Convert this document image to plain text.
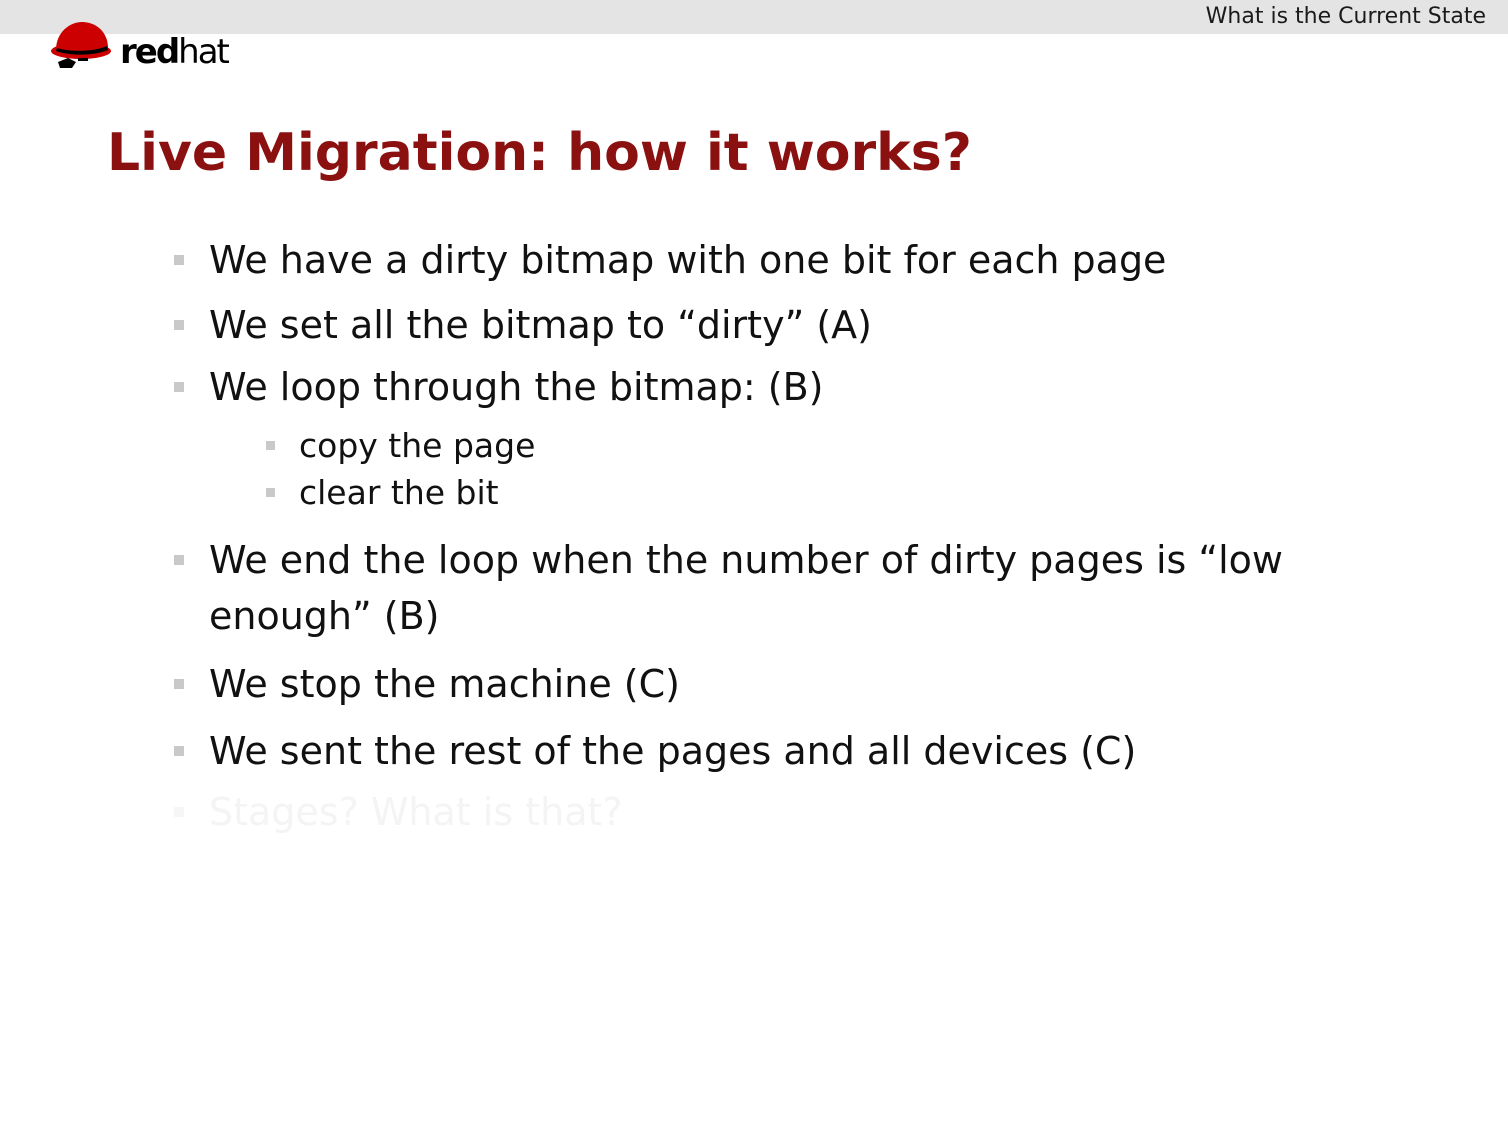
What is the Current State
redhat
Live Migration: how it works?
We have a dirty bitmap with one bit for each page
We set all the bitmap to “dirty” (A)
We loop through the bitmap: (B)
copy the page
clear the bit
We end the loop when the number of dirty pages is “low enough” (B)
We stop the machine (C)
We sent the rest of the pages and all devices (C)
Stages? What is that?
